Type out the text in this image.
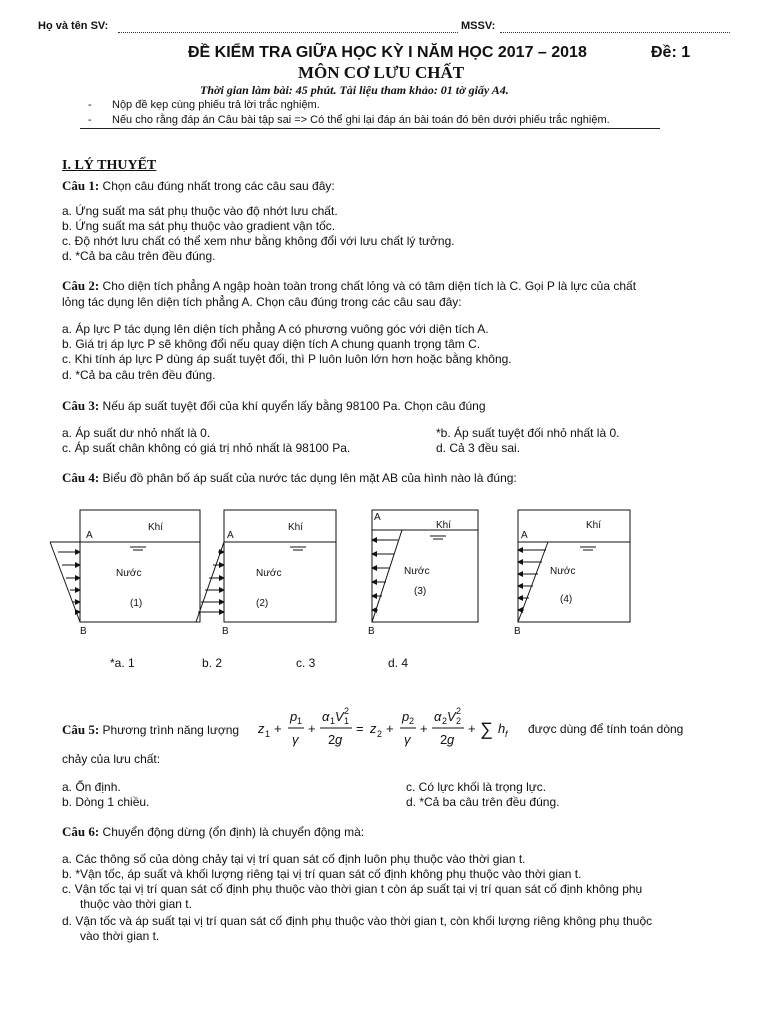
Họ và tên SV:	MSSV:
ĐỀ KIỂM TRA GIỮA HỌC KỲ I NĂM HỌC 2017 – 2018	Đề: 1
MÔN CƠ LƯU CHẤT
Thời gian làm bài: 45 phút. Tài liệu tham khảo: 01 tờ giấy A4.
- Nộp đề kẹp cùng phiếu trả lời trắc nghiệm.
- Nếu cho rằng đáp án Câu bài tập sai => Có thể ghi lại đáp án bài toán đó bên dưới phiếu trắc nghiệm.
I. LÝ THUYẾT
Câu 1: Chọn câu đúng nhất trong các câu sau đây:
a. Ứng suất ma sát phụ thuộc vào độ nhớt lưu chất.
b. Ứng suất ma sát phụ thuộc vào gradient vận tốc.
c. Độ nhớt lưu chất có thể xem như bằng không đổi với lưu chất lý tưởng.
d. *Cả ba câu trên đều đúng.
Câu 2: Cho diện tích phẳng A ngập hoàn toàn trong chất lỏng và có tâm diện tích là C. Gọi P là lực của chất
lỏng tác dụng lên diện tích phẳng A. Chọn câu đúng trong các câu sau đây:
a. Áp lực P tác dụng lên diện tích phẳng A có phương vuông góc với diện tích A.
b. Giá trị áp lực P sẽ không đổi nếu quay diện tích A chung quanh trọng tâm C.
c. Khi tính áp lực P dùng áp suất tuyệt đối, thì P luôn luôn lớn hơn hoặc bằng không.
d. *Cả ba câu trên đều đúng.
Câu 3: Nếu áp suất tuyệt đối của khí quyển lấy bằng 98100 Pa. Chọn câu đúng
a. Áp suất dư nhỏ nhất là 0.	*b. Áp suất tuyệt đối nhỏ nhất là 0.
c. Áp suất chân không có giá trị nhỏ nhất là 98100 Pa.	d. Cả 3 đều sai.
Câu 4: Biểu đồ phân bố áp suất của nước tác dụng lên mặt AB của hình nào là đúng:
Khí
A
Nước
(1)
B
Khí
A
Nước
(2)
B
Khí
A
Nước
(3)
B
Khí
A
Nước
(4)
B
*a. 1	b. 2	c. 3	d. 4
Câu 5: Phương trình năng lượng z 1 +
p 1
γ
+
α 1 V 1
2
2 g
= z 2 +
p 2
γ
+
α 2 V 2
2
2 g
+ ∑ h f được dùng để tính toán dòng
chảy của lưu chất:
a. Ổn định.	c. Có lực khối là trọng lực.
b. Dòng 1 chiều.	d. *Cả ba câu trên đều đúng.
Câu 6: Chuyển động dừng (ổn định) là chuyển động mà:
a. Các thông số của dòng chảy tại vị trí quan sát cố định luôn phụ thuộc vào thời gian t.
b. *Vận tốc, áp suất và khối lượng riêng tại vị trí quan sát cố định không phụ thuộc vào thời gian t.
c. Vận tốc tại vị trí quan sát cố định phụ thuộc vào thời gian t còn áp suất tại vị trí quan sát cố định không phụ
thuộc vào thời gian t.
d. Vận tốc và áp suất tại vị trí quan sát cố định phụ thuộc vào thời gian t, còn khối lượng riêng không phụ thuộc
vào thời gian t.
